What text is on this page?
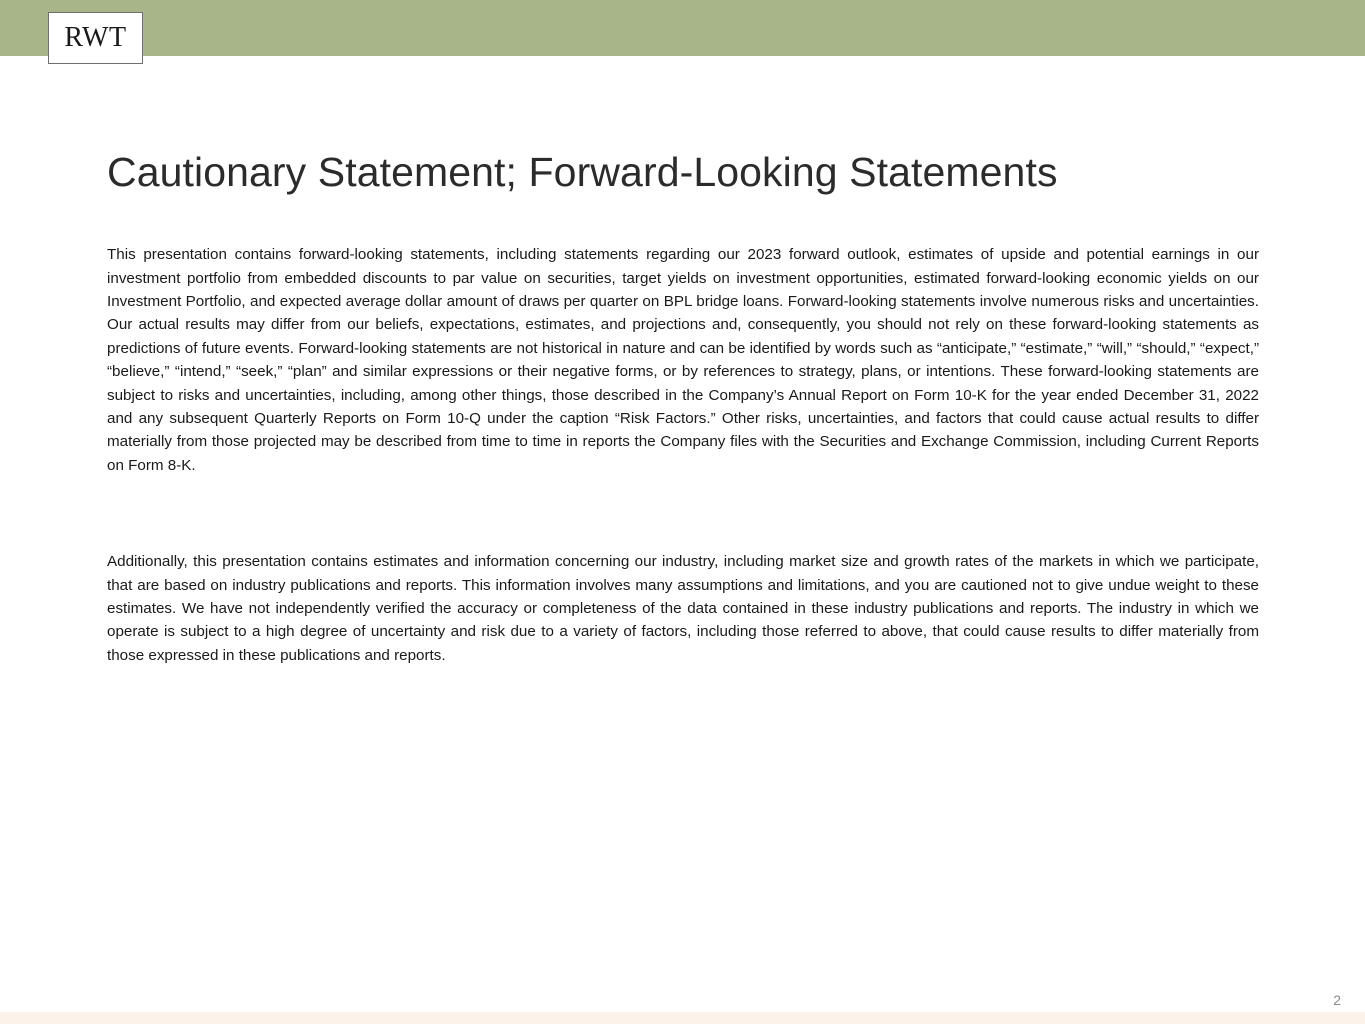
RWT
Cautionary Statement; Forward-Looking Statements

This presentation contains forward-looking statements, including statements regarding our 2023 forward outlook, estimates of upside and potential earnings in our investment portfolio from embedded discounts to par value on securities, target yields on investment opportunities, estimated forward-looking economic yields on our Investment Portfolio, and expected average dollar amount of draws per quarter on BPL bridge loans. Forward-looking statements involve numerous risks and uncertainties. Our actual results may differ from our beliefs, expectations, estimates, and projections and, consequently, you should not rely on these forward-looking statements as predictions of future events. Forward-looking statements are not historical in nature and can be identified by words such as “anticipate,” “estimate,” “will,” “should,” “expect,” “believe,” “intend,” “seek,” “plan” and similar expressions or their negative forms, or by references to strategy, plans, or intentions. These forward-looking statements are subject to risks and uncertainties, including, among other things, those described in the Company’s Annual Report on Form 10-K for the year ended December 31, 2022 and any subsequent Quarterly Reports on Form 10-Q under the caption “Risk Factors.” Other risks, uncertainties, and factors that could cause actual results to differ materially from those projected may be described from time to time in reports the Company files with the Securities and Exchange Commission, including Current Reports on Form 8-K.

Additionally, this presentation contains estimates and information concerning our industry, including market size and growth rates of the markets in which we participate, that are based on industry publications and reports. This information involves many assumptions and limitations, and you are cautioned not to give undue weight to these estimates. We have not independently verified the accuracy or completeness of the data contained in these industry publications and reports. The industry in which we operate is subject to a high degree of uncertainty and risk due to a variety of factors, including those referred to above, that could cause results to differ materially from those expressed in these publications and reports.

2
